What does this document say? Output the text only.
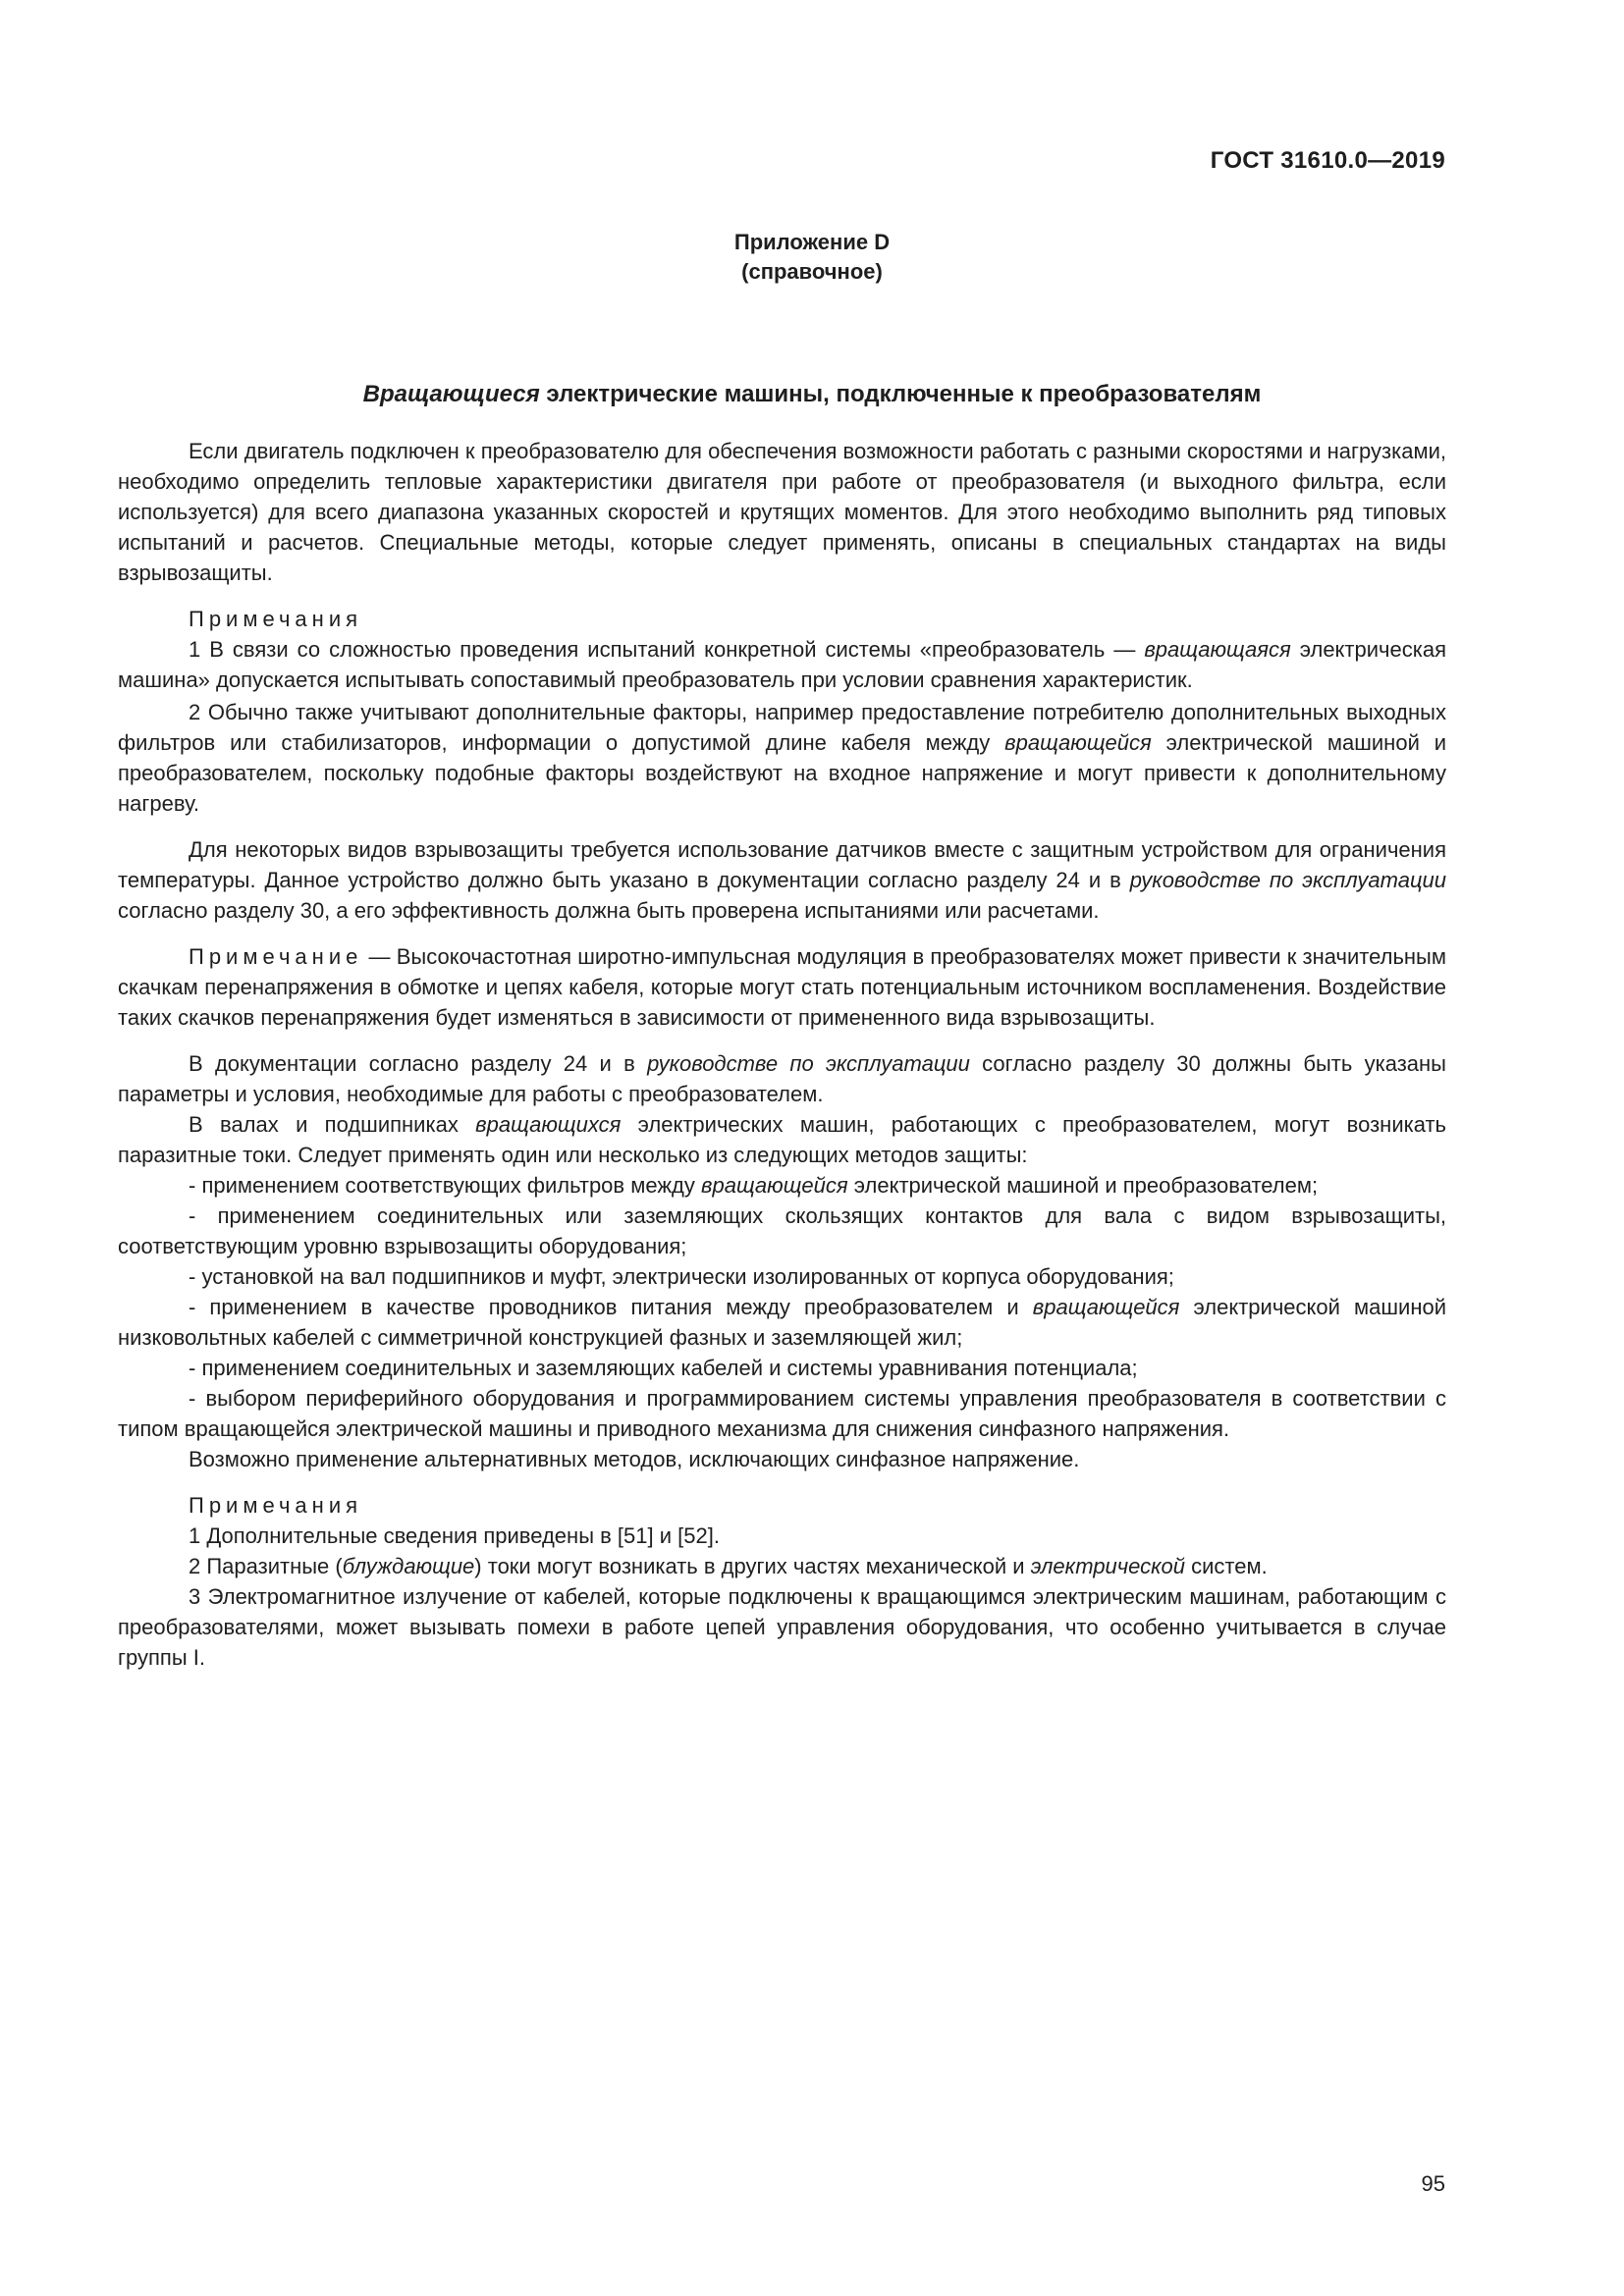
ГОСТ 31610.0—2019
Приложение D
(справочное)
Вращающиеся электрические машины, подключенные к преобразователям

Если двигатель подключен к преобразователю для обеспечения возможности работать с разными скоростями и нагрузками, необходимо определить тепловые характеристики двигателя при работе от преобразователя (и выходного фильтра, если используется) для всего диапазона указанных скоростей и крутящих моментов. Для этого необходимо выполнить ряд типовых испытаний и расчетов. Специальные методы, которые следует применять, описаны в специальных стандартах на виды взрывозащиты.

Примечания

1 В связи со сложностью проведения испытаний конкретной системы «преобразователь — вращающаяся электрическая машина» допускается испытывать сопоставимый преобразователь при условии сравнения характеристик.

2 Обычно также учитывают дополнительные факторы, например предоставление потребителю дополнительных выходных фильтров или стабилизаторов, информации о допустимой длине кабеля между вращающейся электрической машиной и преобразователем, поскольку подобные факторы воздействуют на входное напряжение и могут привести к дополнительному нагреву.

Для некоторых видов взрывозащиты требуется использование датчиков вместе с защитным устройством для ограничения температуры. Данное устройство должно быть указано в документации согласно разделу 24 и в руководстве по эксплуатации согласно разделу 30, а его эффективность должна быть проверена испытаниями или расчетами.

Примечание — Высокочастотная широтно-импульсная модуляция в преобразователях может привести к значительным скачкам перенапряжения в обмотке и цепях кабеля, которые могут стать потенциальным источником воспламенения. Воздействие таких скачков перенапряжения будет изменяться в зависимости от примененного вида взрывозащиты.

В документации согласно разделу 24 и в руководстве по эксплуатации согласно разделу 30 должны быть указаны параметры и условия, необходимые для работы с преобразователем.

В валах и подшипниках вращающихся электрических машин, работающих с преобразователем, могут возникать паразитные токи. Следует применять один или несколько из следующих методов защиты:

- применением соответствующих фильтров между вращающейся электрической машиной и преобразователем;

- применением соединительных или заземляющих скользящих контактов для вала с видом взрывозащиты, соответствующим уровню взрывозащиты оборудования;

- установкой на вал подшипников и муфт, электрически изолированных от корпуса оборудования;

- применением в качестве проводников питания между преобразователем и вращающейся электрической машиной низковольтных кабелей с симметричной конструкцией фазных и заземляющей жил;

- применением соединительных и заземляющих кабелей и системы уравнивания потенциала;

- выбором периферийного оборудования и программированием системы управления преобразователя в соответствии с типом вращающейся электрической машины и приводного механизма для снижения синфазного напряжения.

Возможно применение альтернативных методов, исключающих синфазное напряжение.

Примечания

1 Дополнительные сведения приведены в [51] и [52].

2 Паразитные (блуждающие) токи могут возникать в других частях механической и электрической систем.

3 Электромагнитное излучение от кабелей, которые подключены к вращающимся электрическим машинам, работающим с преобразователями, может вызывать помехи в работе цепей управления оборудования, что особенно учитывается в случае группы I.

95
